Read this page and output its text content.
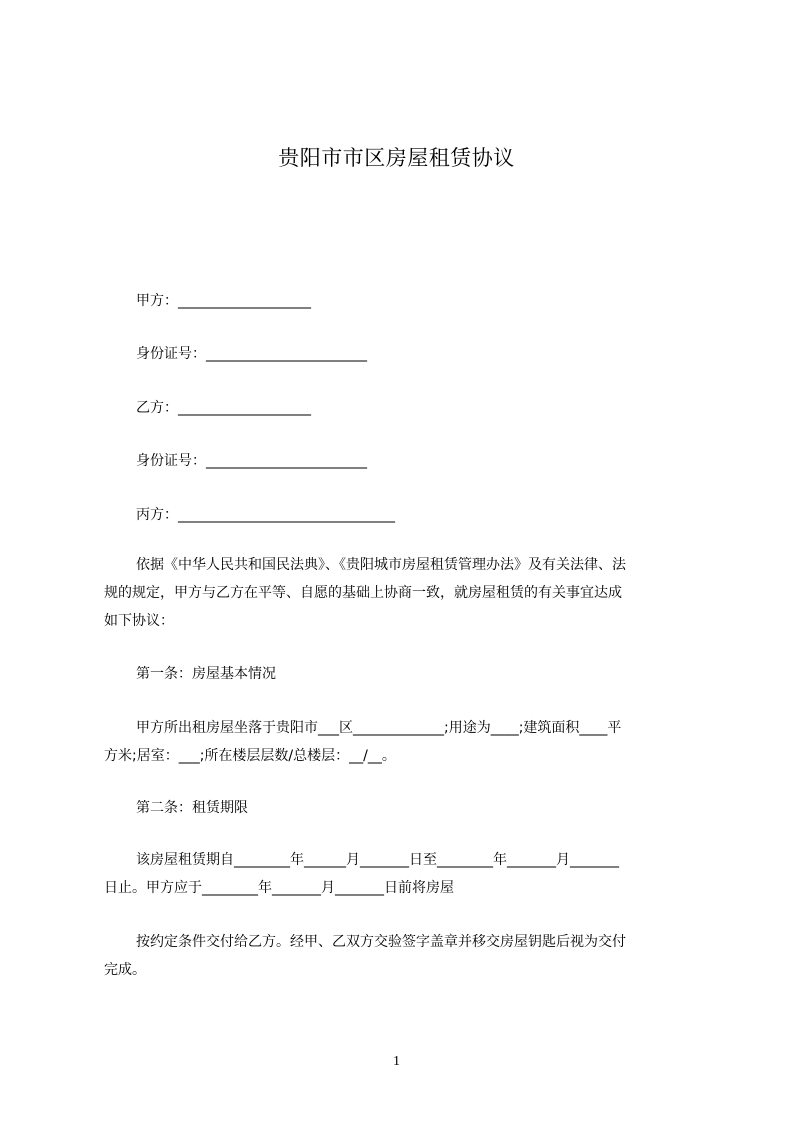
贵阳市市区房屋租赁协议
甲方：___________________
身份证号：_______________________
乙方：___________________
身份证号：_______________________
丙方：_______________________________
依据《中华人民共和国民法典》、《贵阳城市房屋租赁管理办法》及有关法律、法
规的规定，甲方与乙方在平等、自愿的基础上协商一致，就房屋租赁的有关事宜达成
如下协议：
第一条：房屋基本情况
甲方所出租房屋坐落于贵阳市___区_____________;用途为____;建筑面积____平
方米;居室：___;所在楼层层数/总楼层：__/__。
第二条：租赁期限
该房屋租赁期自________年______月_______日至________年_______月_______
日止。甲方应于________年_______月_______日前将房屋
按约定条件交付给乙方。经甲、乙双方交验签字盖章并移交房屋钥匙后视为交付
完成。
1
